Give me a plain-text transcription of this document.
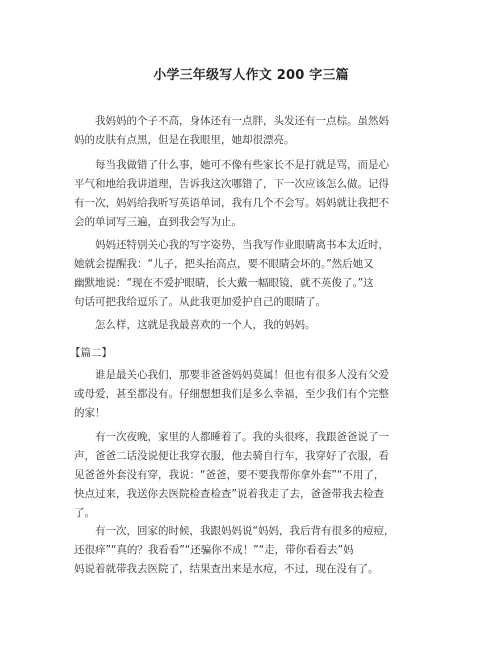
小学三年级写人作文 200 字三篇
我妈妈的个子不高，身体还有一点胖，头发还有一点棕。虽然妈
妈的皮肤有点黑，但是在我眼里，她却很漂亮。
每当我做错了什么事，她可不像有些家长不是打就是骂，而是心
平气和地给我讲道理，告诉我这次哪错了，下一次应该怎么做。记得
有一次，妈妈给我听写英语单词，我有几个不会写。妈妈就让我把不
会的单词写三遍，直到我会写为止。
妈妈还特别关心我的写字姿势，当我写作业眼睛离书本太近时，
她就会提醒我：“儿子，把头抬高点，要不眼睛会坏的。”然后她又
幽默地说：“现在不爱护眼睛，长大戴一幅眼镜，就不英俊了。”这
句话可把我给逗乐了。从此我更加爱护自己的眼睛了。
怎么样，这就是我最喜欢的一个人，我的妈妈。
【篇二】
谁是最关心我们，那要非爸爸妈妈莫属！但也有很多人没有父爱
或母爱，甚至都没有。仔细想想我们是多么幸福，至少我们有个完整
的家！
有一次夜晚，家里的人都睡着了。我的头很疼，我跟爸爸说了一
声，爸爸二话没说便让我穿衣服，他去骑自行车，我穿好了衣服，看
见爸爸外套没有穿，我说：“爸爸，要不要我帮你拿外套”“不用了，
快点过来，我送你去医院检查检查”说着我走了去，爸爸带我去检查
了。
有一次，回家的时候，我跟妈妈说“妈妈，我后背有很多的痘痘，
还很痒”“真的？我看看”“还骗你不成！”“走，带你看看去”妈
妈说着就带我去医院了，结果查出来是水痘，不过，现在没有了。
